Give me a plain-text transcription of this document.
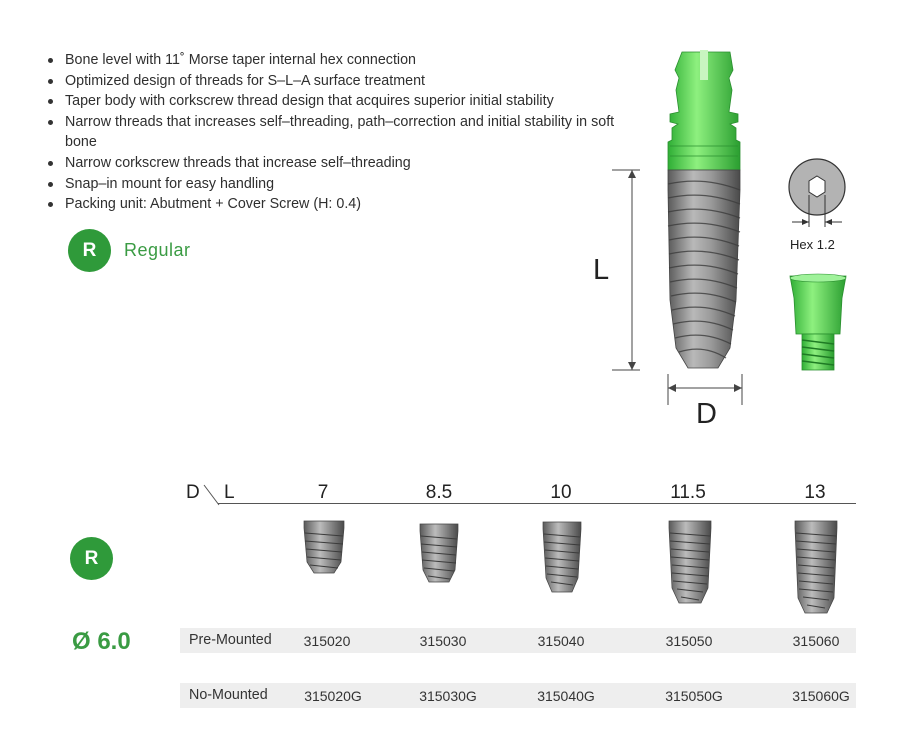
Bone level with 11˚ Morse taper internal hex connection
Optimized design of threads for S–L–A surface treatment
Taper body with corkscrew thread design that acquires superior initial stability
Narrow threads that increases self–threading, path–correction and initial stability in soft bone
Narrow corkscrew threads that increase self–threading
Snap–in mount for easy handling
Packing unit: Abutment + Cover Screw (H: 0.4)
R	Regular
L
D
Hex 1.2
D L	7	8.5	10	11.5	13
R
Ø 6.0	Pre-Mounted	315020	315030	315040	315050	315060
No-Mounted	315020G	315030G	315040G	315050G	315060G
